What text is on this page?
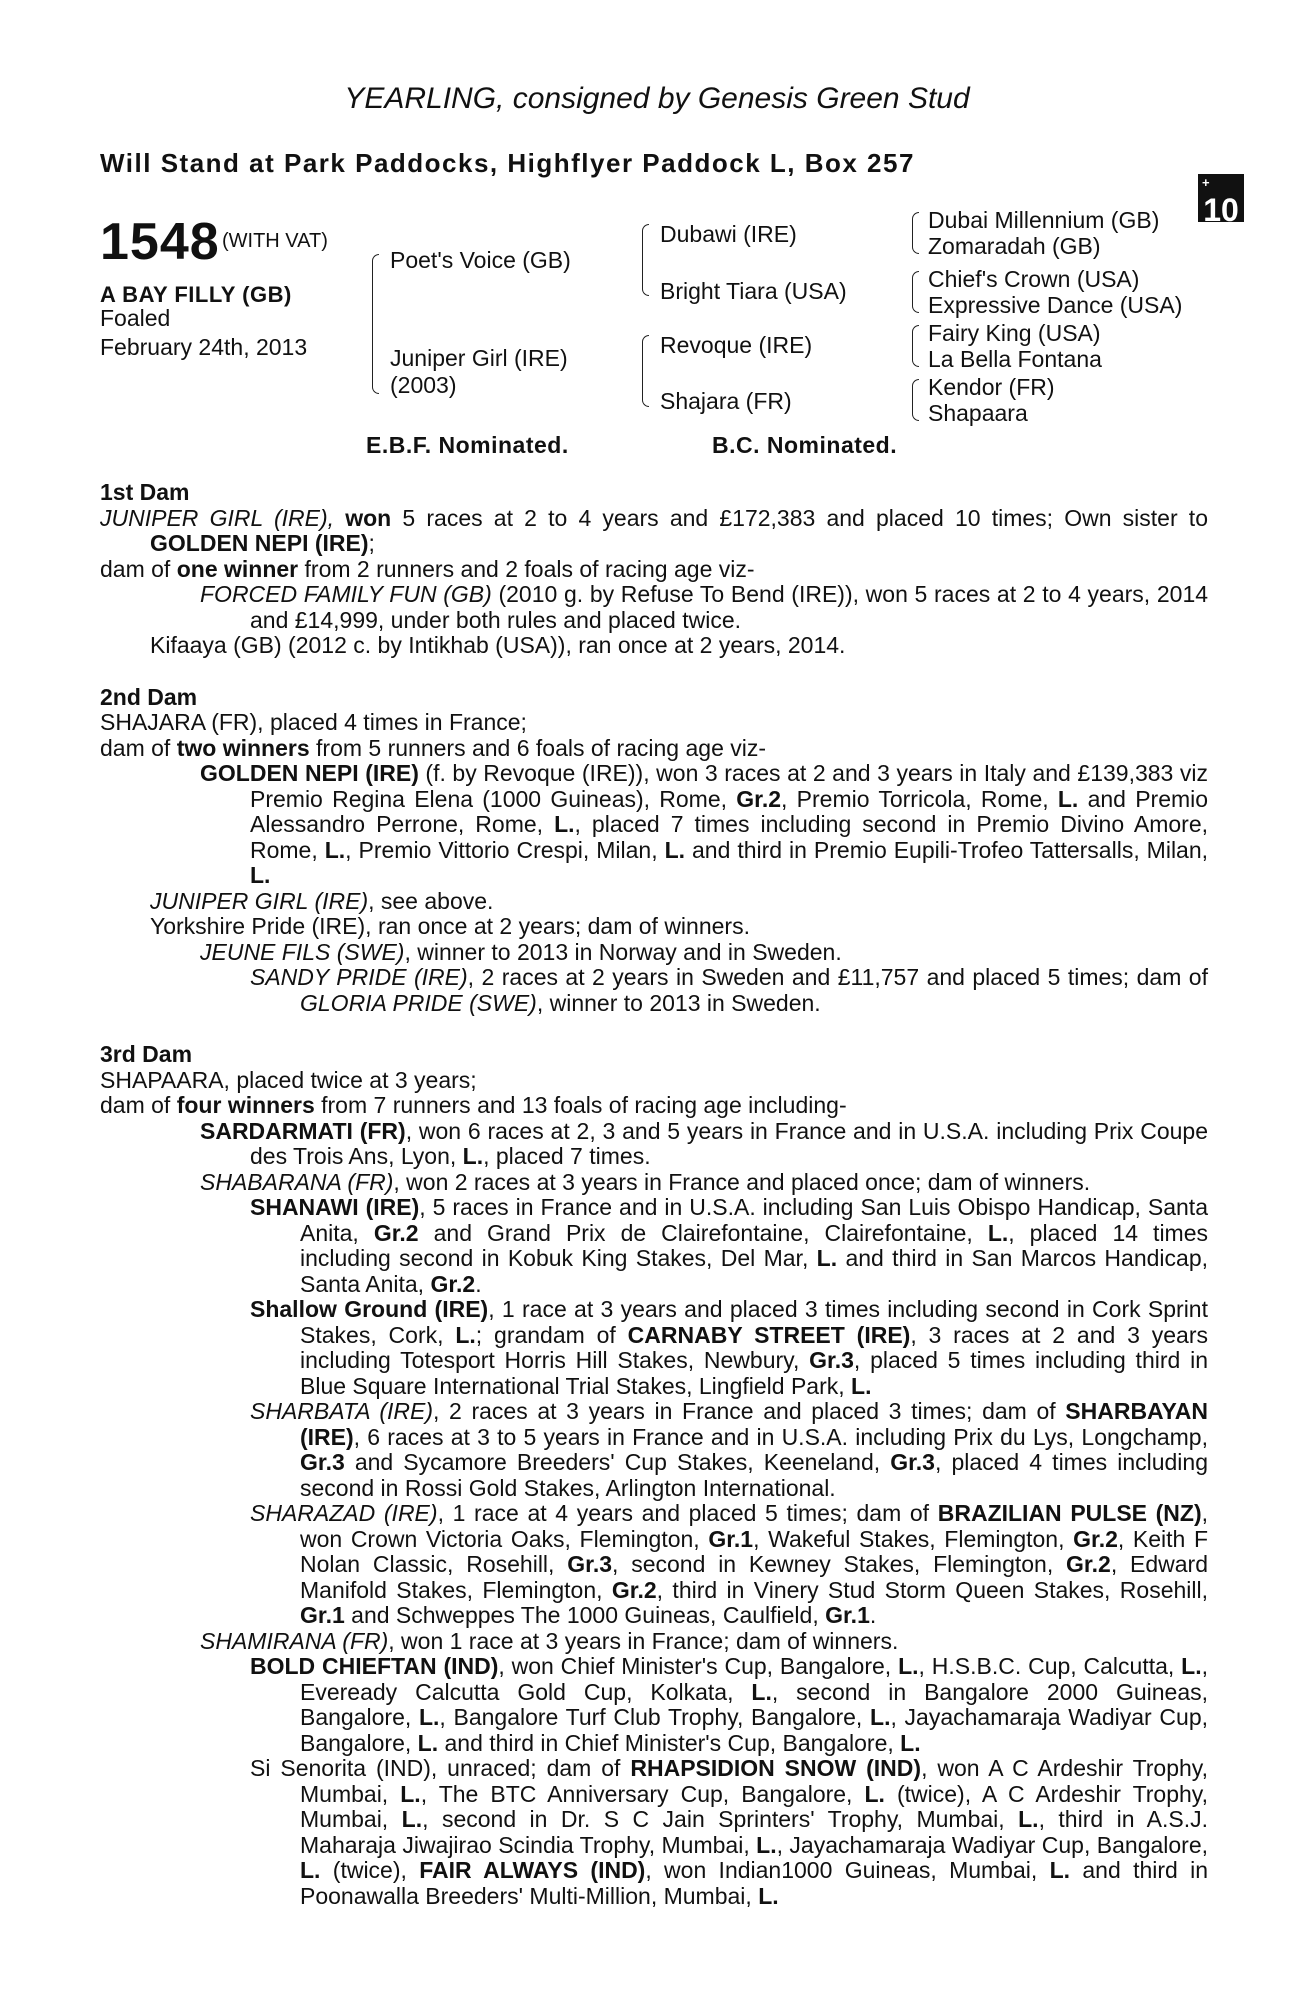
YEARLING, consigned by Genesis Green Stud
Will Stand at Park Paddocks, Highflyer Paddock L, Box 257
+
10
1548 (WITH VAT)
A BAY FILLY (GB)
Foaled
February 24th, 2013
Poet's Voice (GB)
Juniper Girl (IRE)
(2003)
Dubawi (IRE)
Bright Tiara (USA)
Revoque (IRE)
Shajara (FR)
Dubai Millennium (GB)
Zomaradah (GB)
Chief's Crown (USA)
Expressive Dance (USA)
Fairy King (USA)
La Bella Fontana
Kendor (FR)
Shapaara
E.B.F. Nominated.	B.C. Nominated.

1st Dam

JUNIPER GIRL (IRE), won 5 races at 2 to 4 years and £172,383 and placed 10 times; Own sister to GOLDEN NEPI (IRE);

dam of one winner from 2 runners and 2 foals of racing age viz-

FORCED FAMILY FUN (GB) (2010 g. by Refuse To Bend (IRE)), won 5 races at 2 to 4 years, 2014 and £14,999, under both rules and placed twice.

Kifaaya (GB) (2012 c. by Intikhab (USA)), ran once at 2 years, 2014.

2nd Dam

SHAJARA (FR), placed 4 times in France;

dam of two winners from 5 runners and 6 foals of racing age viz-

GOLDEN NEPI (IRE) (f. by Revoque (IRE)), won 3 races at 2 and 3 years in Italy and £139,383 viz Premio Regina Elena (1000 Guineas), Rome, Gr.2, Premio Torricola, Rome, L. and Premio Alessandro Perrone, Rome, L., placed 7 times including second in Premio Divino Amore, Rome, L., Premio Vittorio Crespi, Milan, L. and third in Premio Eupili-Trofeo Tattersalls, Milan, L.

JUNIPER GIRL (IRE), see above.

Yorkshire Pride (IRE), ran once at 2 years; dam of winners.

JEUNE FILS (SWE), winner to 2013 in Norway and in Sweden.

SANDY PRIDE (IRE), 2 races at 2 years in Sweden and £11,757 and placed 5 times; dam of GLORIA PRIDE (SWE), winner to 2013 in Sweden.

3rd Dam

SHAPAARA, placed twice at 3 years;

dam of four winners from 7 runners and 13 foals of racing age including-

SARDARMATI (FR), won 6 races at 2, 3 and 5 years in France and in U.S.A. including Prix Coupe des Trois Ans, Lyon, L., placed 7 times.

SHABARANA (FR), won 2 races at 3 years in France and placed once; dam of winners.

SHANAWI (IRE), 5 races in France and in U.S.A. including San Luis Obispo Handicap, Santa Anita, Gr.2 and Grand Prix de Clairefontaine, Clairefontaine, L., placed 14 times including second in Kobuk King Stakes, Del Mar, L. and third in San Marcos Handicap, Santa Anita, Gr.2.

Shallow Ground (IRE), 1 race at 3 years and placed 3 times including second in Cork Sprint Stakes, Cork, L.; grandam of CARNABY STREET (IRE), 3 races at 2 and 3 years including Totesport Horris Hill Stakes, Newbury, Gr.3, placed 5 times including third in Blue Square International Trial Stakes, Lingfield Park, L.

SHARBATA (IRE), 2 races at 3 years in France and placed 3 times; dam of SHARBAYAN (IRE), 6 races at 3 to 5 years in France and in U.S.A. including Prix du Lys, Longchamp, Gr.3 and Sycamore Breeders' Cup Stakes, Keeneland, Gr.3, placed 4 times including second in Rossi Gold Stakes, Arlington International.

SHARAZAD (IRE), 1 race at 4 years and placed 5 times; dam of BRAZILIAN PULSE (NZ), won Crown Victoria Oaks, Flemington, Gr.1, Wakeful Stakes, Flemington, Gr.2, Keith F Nolan Classic, Rosehill, Gr.3, second in Kewney Stakes, Flemington, Gr.2, Edward Manifold Stakes, Flemington, Gr.2, third in Vinery Stud Storm Queen Stakes, Rosehill, Gr.1 and Schweppes The 1000 Guineas, Caulfield, Gr.1.

SHAMIRANA (FR), won 1 race at 3 years in France; dam of winners.

BOLD CHIEFTAN (IND), won Chief Minister's Cup, Bangalore, L., H.S.B.C. Cup, Calcutta, L., Eveready Calcutta Gold Cup, Kolkata, L., second in Bangalore 2000 Guineas, Bangalore, L., Bangalore Turf Club Trophy, Bangalore, L., Jayachamaraja Wadiyar Cup, Bangalore, L. and third in Chief Minister's Cup, Bangalore, L.

Si Senorita (IND), unraced; dam of RHAPSIDION SNOW (IND), won A C Ardeshir Trophy, Mumbai, L., The BTC Anniversary Cup, Bangalore, L. (twice), A C Ardeshir Trophy, Mumbai, L., second in Dr. S C Jain Sprinters' Trophy, Mumbai, L., third in A.S.J. Maharaja Jiwajirao Scindia Trophy, Mumbai, L., Jayachamaraja Wadiyar Cup, Bangalore, L. (twice), FAIR ALWAYS (IND), won Indian1000 Guineas, Mumbai, L. and third in Poonawalla Breeders' Multi-Million, Mumbai, L.
